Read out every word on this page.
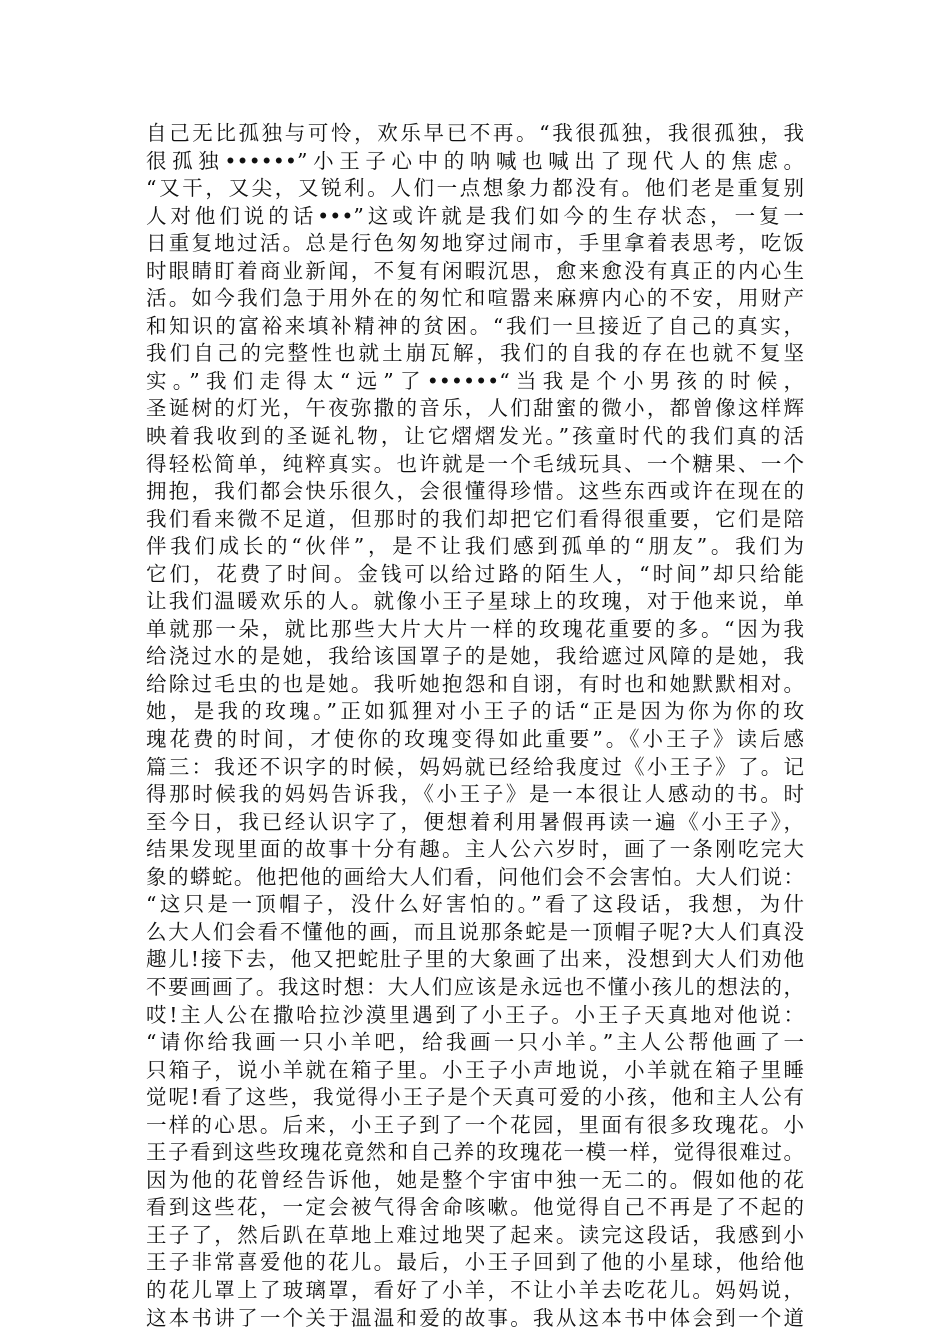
自己无比孤独与可怜，欢乐早已不再。“我很孤独，我很孤独，我
很孤独••••••”小王子心中的呐喊也喊出了现代人的焦虑。
“又干，又尖，又锐利。人们一点想象力都没有。他们老是重复别
人对他们说的话•••”这或许就是我们如今的生存状态，一复一
日重复地过活。总是行色匆匆地穿过闹市，手里拿着表思考，吃饭
时眼睛盯着商业新闻，不复有闲暇沉思，愈来愈没有真正的内心生
活。如今我们急于用外在的匆忙和喧嚣来麻痹内心的不安，用财产
和知识的富裕来填补精神的贫困。“我们一旦接近了自己的真实，
我们自己的完整性也就土崩瓦解，我们的自我的存在也就不复坚
实。”我们走得太“远”了••••••“当我是个小男孩的时候，
圣诞树的灯光，午夜弥撒的音乐，人们甜蜜的微小，都曾像这样辉
映着我收到的圣诞礼物，让它熠熠发光。”孩童时代的我们真的活
得轻松简单，纯粹真实。也许就是一个毛绒玩具、一个糖果、一个
拥抱，我们都会快乐很久，会很懂得珍惜。这些东西或许在现在的
我们看来微不足道，但那时的我们却把它们看得很重要，它们是陪
伴我们成长的“伙伴”，是不让我们感到孤单的“朋友”。我们为
它们，花费了时间。金钱可以给过路的陌生人，“时间”却只给能
让我们温暖欢乐的人。就像小王子星球上的玫瑰，对于他来说，单
单就那一朵，就比那些大片大片一样的玫瑰花重要的多。“因为我
给浇过水的是她，我给该国罩子的是她，我给遮过风障的是她，我
给除过毛虫的也是她。我听她抱怨和自诩，有时也和她默默相对。
她，是我的玫瑰。”正如狐狸对小王子的话“正是因为你为你的玫
瑰花费的时间，才使你的玫瑰变得如此重要”。《小王子》读后感
篇三：我还不识字的时候，妈妈就已经给我度过《小王子》了。记
得那时候我的妈妈告诉我，《小王子》是一本很让人感动的书。时
至今日，我已经认识字了，便想着利用暑假再读一遍《小王子》，
结果发现里面的故事十分有趣。主人公六岁时，画了一条刚吃完大
象的蟒蛇。他把他的画给大人们看，问他们会不会害怕。大人们说：
“这只是一顶帽子，没什么好害怕的。”看了这段话，我想，为什
么大人们会看不懂他的画，而且说那条蛇是一顶帽子呢?大人们真没
趣儿!接下去，他又把蛇肚子里的大象画了出来，没想到大人们劝他
不要画画了。我这时想：大人们应该是永远也不懂小孩儿的想法的，
哎!主人公在撒哈拉沙漠里遇到了小王子。小王子天真地对他说：
“请你给我画一只小羊吧，给我画一只小羊。”主人公帮他画了一
只箱子，说小羊就在箱子里。小王子小声地说，小羊就在箱子里睡
觉呢!看了这些，我觉得小王子是个天真可爱的小孩，他和主人公有
一样的心思。后来，小王子到了一个花园，里面有很多玫瑰花。小
王子看到这些玫瑰花竟然和自己养的玫瑰花一模一样，觉得很难过。
因为他的花曾经告诉他，她是整个宇宙中独一无二的。假如他的花
看到这些花，一定会被气得舍命咳嗽。他觉得自己不再是了不起的
王子了，然后趴在草地上难过地哭了起来。读完这段话，我感到小
王子非常喜爱他的花儿。最后，小王子回到了他的小星球，他给他
的花儿罩上了玻璃罩，看好了小羊，不让小羊去吃花儿。妈妈说，
这本书讲了一个关于温温和爱的故事。我从这本书中体会到一个道
